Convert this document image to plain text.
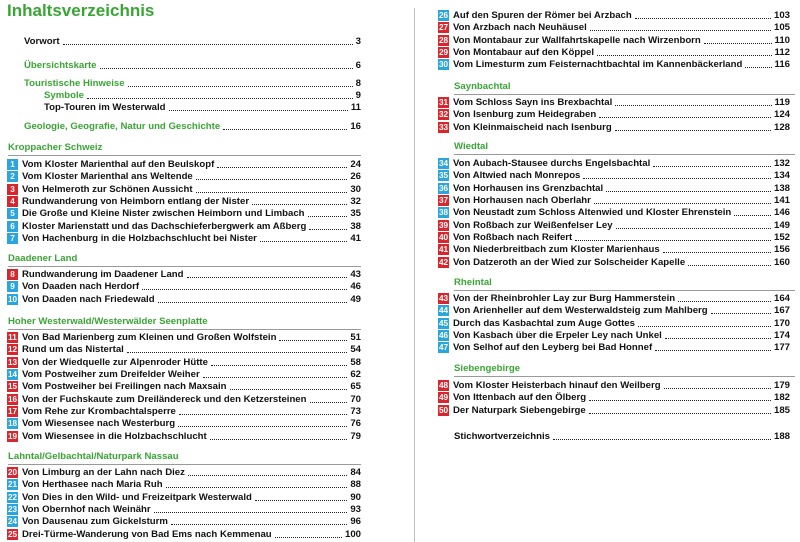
Inhaltsverzeichnis
Vorwort	3
Übersichtskarte	6
Touristische Hinweise	8
Symbole	9
Top-Touren im Westerwald	11
Geologie, Geografie, Natur und Geschichte	16
Kroppacher Schweiz
1 Vom Kloster Marienthal auf den Beulskopf	24
2 Vom Kloster Marienthal ans Weltende	26
3 Von Helmeroth zur Schönen Aussicht	30
4 Rundwanderung von Heimborn entlang der Nister	32
5 Die Große und Kleine Nister zwischen Heimborn und Limbach	35
6 Kloster Marienstatt und das Dachschieferbergwerk am Aßberg	38
7 Von Hachenburg in die Holzbachschlucht bei Nister	41
Daadener Land
8 Rundwanderung im Daadener Land	43
9 Von Daaden nach Herdorf	46
10 Von Daaden nach Friedewald	49
Hoher Westerwald/Westerwälder Seenplatte
11 Von Bad Marienberg zum Kleinen und Großen Wolfstein	51
12 Rund um das Nistertal	54
13 Von der Wiedquelle zur Alpenroder Hütte	58
14 Vom Postweiher zum Dreifelder Weiher	62
15 Vom Postweiher bei Freilingen nach Maxsain	65
16 Von der Fuchskaute zum Dreiländereck und den Ketzersteinen	70
17 Vom Rehe zur Krombachtalsperre	73
18 Vom Wiesensee nach Westerburg	76
19 Vom Wiesensee in die Holzbachschlucht	79
Lahntal/Gelbachtal/Naturpark Nassau
20 Von Limburg an der Lahn nach Diez	84
21 Von Herthasee nach Maria Ruh	88
22 Von Dies in den Wild- und Freizeitpark Westerwald	90
23 Von Obernhof nach Weinähr	93
24 Von Dausenau zum Gickelsturm	96
25 Drei-Türme-Wanderung von Bad Ems nach Kemmenau	100
26 Auf den Spuren der Römer bei Arzbach	103
27 Von Arzbach nach Neuhäusel	105
28 Von Montabaur zur Wallfahrtskapelle nach Wirzenborn	110
29 Von Montabaur auf den Köppel	112
30 Vom Limesturm zum Feisternachtbachtal im Kannenbäckerland	116
Saynbachtal
31 Vom Schloss Sayn ins Brexbachtal	119
32 Von Isenburg zum Heidegraben	124
33 Von Kleinmaischeid nach Isenburg	128
Wiedtal
34 Von Aubach-Stausee durchs Engelsbachtal	132
35 Von Altwied nach Monrepos	134
36 Von Horhausen ins Grenzbachtal	138
37 Von Horhausen nach Oberlahr	141
38 Von Neustadt zum Schloss Altenwied und Kloster Ehrenstein	146
39 Von Roßbach zur Weißenfelser Ley	149
40 Von Roßbach nach Reifert	152
41 Von Niederbreitbach zum Kloster Marienhaus	156
42 Von Datzeroth an der Wied zur Solscheider Kapelle	160
Rheintal
43 Von der Rheinbrohler Lay zur Burg Hammerstein	164
44 Von Arienheller auf dem Westerwaldsteig zum Mahlberg	167
45 Durch das Kasbachtal zum Auge Gottes	170
46 Von Kasbach über die Erpeler Ley nach Unkel	174
47 Von Selhof auf den Leyberg bei Bad Honnef	177
Siebengebirge
48 Vom Kloster Heisterbach hinauf den Weilberg	179
49 Von Ittenbach auf den Ölberg	182
50 Der Naturpark Siebengebirge	185
Stichwortverzeichnis	188
